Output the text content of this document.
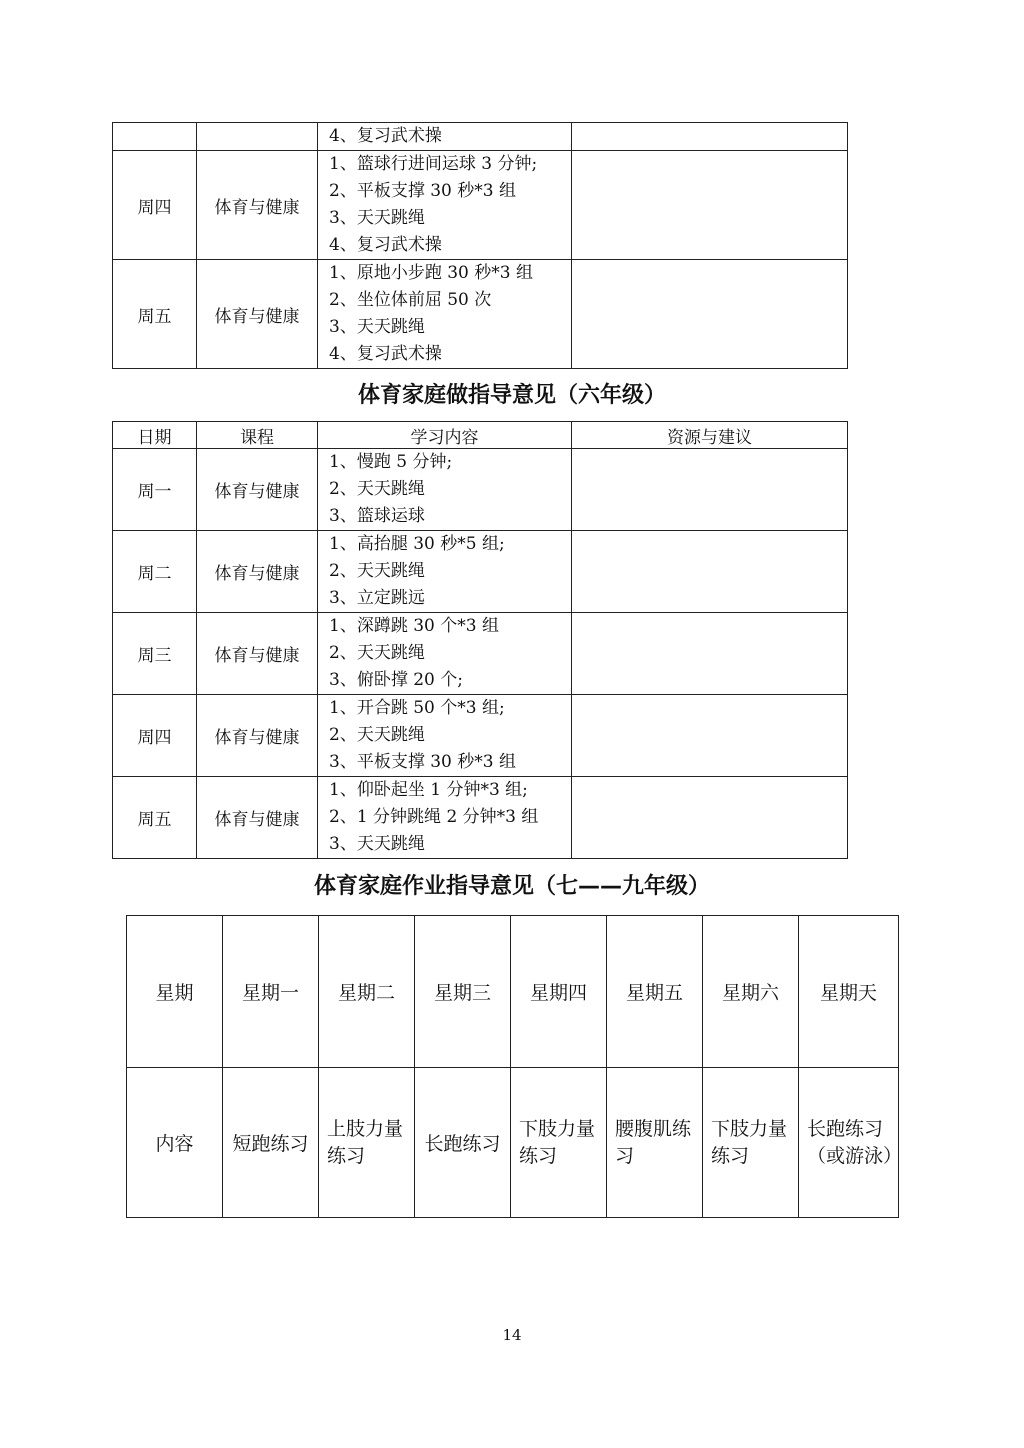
		4、复习武术操	

周四	体育与健康	1、篮球行进间运球 3 分钟;
2、平板支撑 30 秒*3 组
3、天天跳绳
4、复习武术操	

周五	体育与健康	1、原地小步跑 30 秒*3 组
2、坐位体前屈 50 次
3、天天跳绳
4、复习武术操	

体育家庭做指导意见（六年级）
日期	课程	学习内容	资源与建议
周一	体育与健康	1、慢跑 5 分钟;
2、天天跳绳
3、篮球运球	

周二	体育与健康	1、高抬腿 30 秒*5 组;
2、天天跳绳
3、立定跳远	

周三	体育与健康	1、深蹲跳 30 个*3 组
2、天天跳绳
3、俯卧撑 20 个;	

周四	体育与健康	1、开合跳 50 个*3 组;
2、天天跳绳
3、平板支撑 30 秒*3 组	

周五	体育与健康	1、仰卧起坐 1 分钟*3 组;
2、1 分钟跳绳 2 分钟*3 组
3、天天跳绳	

体育家庭作业指导意见（七——九年级）
星期	星期一	星期二	星期三	星期四	星期五	星期六	星期天
内容	短跑练习	上肢力量练习	长跑练习	下肢力量练习	腰腹肌练习	下肢力量练习	长跑练习（或游泳）
14
